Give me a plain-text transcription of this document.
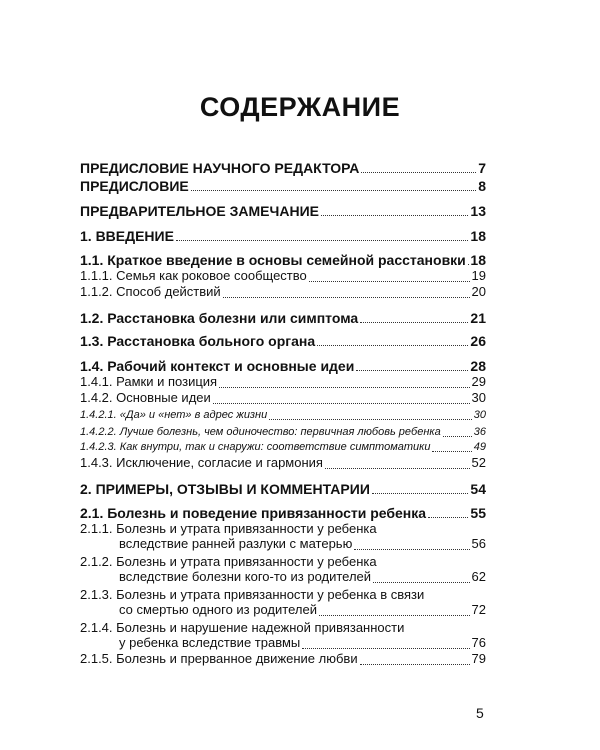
СОДЕРЖАНИЕ
ПРЕДИСЛОВИЕ НАУЧНОГО РЕДАКТОРА	7
ПРЕДИСЛОВИЕ	8
ПРЕДВАРИТЕЛЬНОЕ ЗАМЕЧАНИЕ	13
1. ВВЕДЕНИЕ	18
1.1. Краткое введение в основы семейной расстановки 18
1.1.1. Семья как роковое сообщество	19
1.1.2. Способ действий	20
1.2. Расстановка болезни или симптома	21
1.3. Расстановка больного органа	26
1.4. Рабочий контекст и основные идеи	28
1.4.1. Рамки и позиция	29
1.4.2. Основные идеи	30
1.4.2.1. «Да» и «нет» в адрес жизни	30
1.4.2.2. Лучше болезнь, чем одиночество: первичная любовь ребенка	36
1.4.2.3. Как внутри, так и снаружи: соответствие симптоматики	49
1.4.3. Исключение, согласие и гармония	52
2. ПРИМЕРЫ, ОТЗЫВЫ И КОММЕНТАРИИ	54
2.1. Болезнь и поведение привязанности ребенка	55
2.1.1. Болезнь и утрата привязанности у ребенка
вследствие ранней разлуки с матерью	56
2.1.2. Болезнь и утрата привязанности у ребенка
вследствие болезни кого-то из родителей	62
2.1.3. Болезнь и утрата привязанности у ребенка в связи
со смертью одного из родителей	72
2.1.4. Болезнь и нарушение надежной привязанности
у ребенка вследствие травмы	76
2.1.5. Болезнь и прерванное движение любви	79
5
